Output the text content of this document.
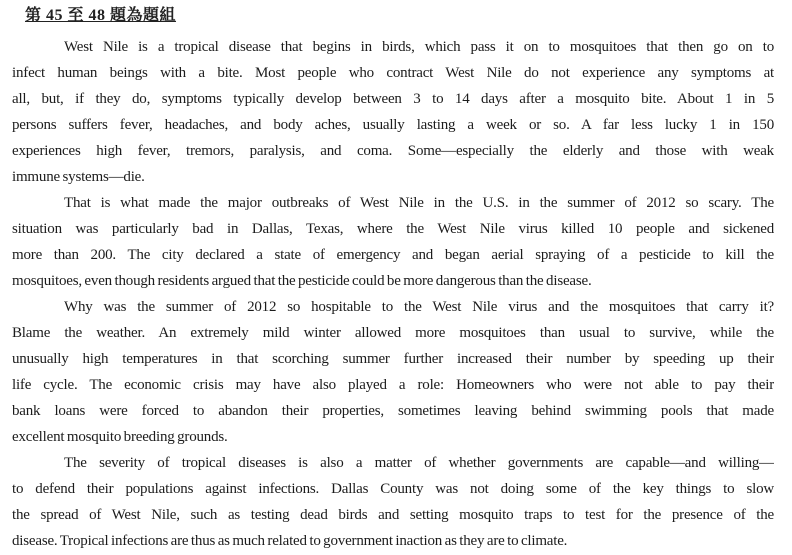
第 45 至 48 題為題組
West Nile is a tropical disease that begins in birds, which pass it on to mosquitoes that then go on to
infect human beings with a bite. Most people who contract West Nile do not experience any symptoms at
all, but, if they do, symptoms typically develop between 3 to 14 days after a mosquito bite. About 1 in 5
persons suffers fever, headaches, and body aches, usually lasting a week or so. A far less lucky 1 in 150
experiences high fever, tremors, paralysis, and coma. Some—especially the elderly and those with weak
immune systems—die.
That is what made the major outbreaks of West Nile in the U.S. in the summer of 2012 so scary. The
situation was particularly bad in Dallas, Texas, where the West Nile virus killed 10 people and sickened
more than 200. The city declared a state of emergency and began aerial spraying of a pesticide to kill the
mosquitoes, even though residents argued that the pesticide could be more dangerous than the disease.
Why was the summer of 2012 so hospitable to the West Nile virus and the mosquitoes that carry it?
Blame the weather. An extremely mild winter allowed more mosquitoes than usual to survive, while the
unusually high temperatures in that scorching summer further increased their number by speeding up their
life cycle. The economic crisis may have also played a role: Homeowners who were not able to pay their
bank loans were forced to abandon their properties, sometimes leaving behind swimming pools that made
excellent mosquito breeding grounds.
The severity of tropical diseases is also a matter of whether governments are capable—and willing—
to defend their populations against infections. Dallas County was not doing some of the key things to slow
the spread of West Nile, such as testing dead birds and setting mosquito traps to test for the presence of the
disease. Tropical infections are thus as much related to government inaction as they are to climate.
